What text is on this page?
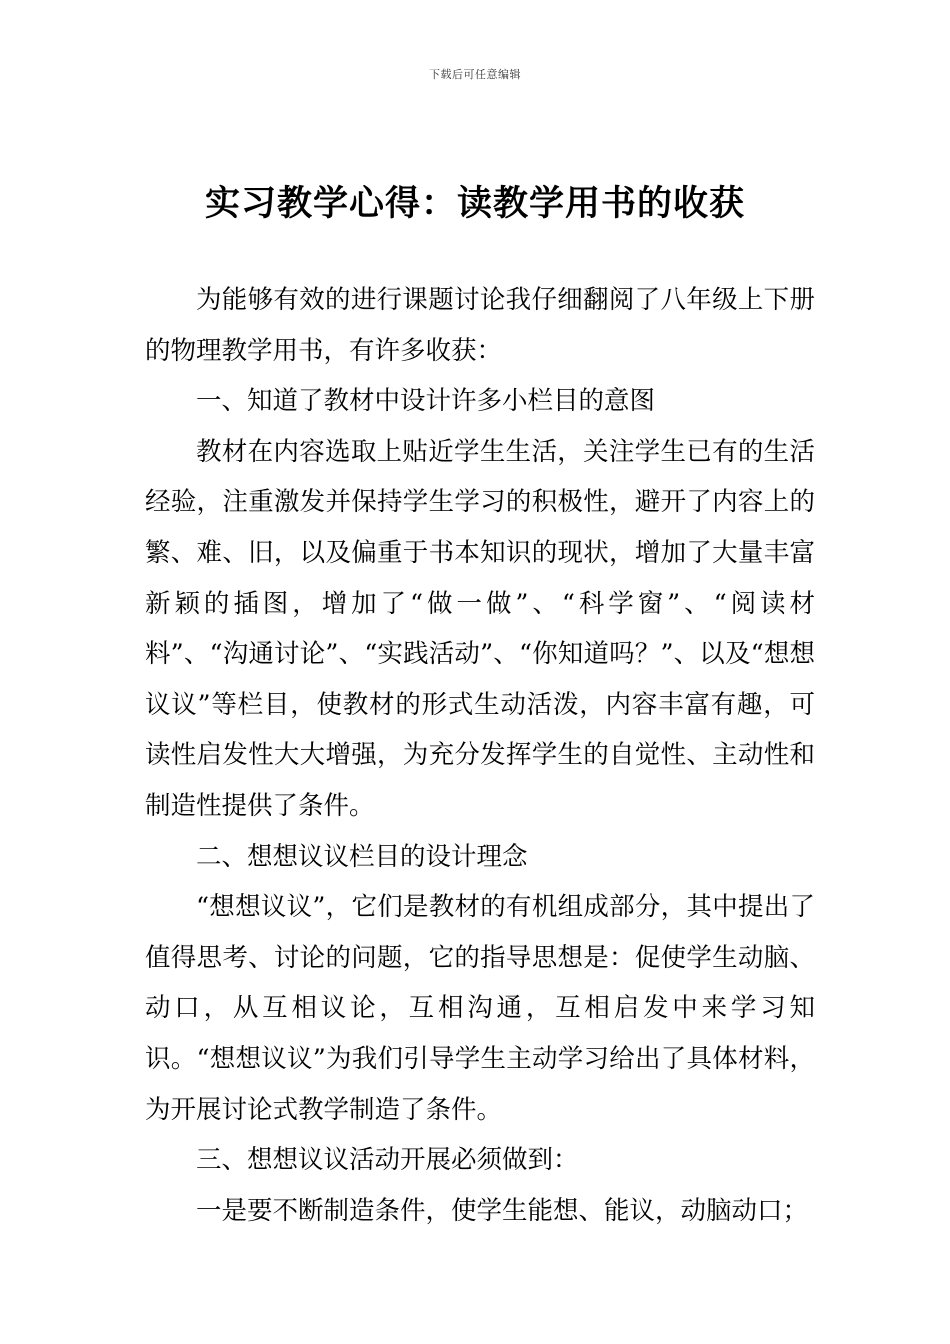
下载后可任意编辑
实习教学心得：读教学用书的收获

为能够有效的进行课题讨论我仔细翻阅了八年级上下册的物理教学用书，有许多收获：

一、知道了教材中设计许多小栏目的意图

教材在内容选取上贴近学生生活，关注学生已有的生活经验，注重激发并保持学生学习的积极性，避开了内容上的繁、难、旧，以及偏重于书本知识的现状，增加了大量丰富新颖的插图，增加了“做一做”、“科学窗”、“阅读材料”、“沟通讨论”、“实践活动”、“你知道吗？”、以及“想想议议”等栏目，使教材的形式生动活泼，内容丰富有趣，可读性启发性大大增强，为充分发挥学生的自觉性、主动性和制造性提供了条件。

二、想想议议栏目的设计理念

“想想议议”，它们是教材的有机组成部分，其中提出了值得思考、讨论的问题，它的指导思想是：促使学生动脑、动口，从互相议论，互相沟通，互相启发中来学习知识。“想想议议”为我们引导学生主动学习给出了具体材料，为开展讨论式教学制造了条件。

三、想想议议活动开展必须做到：

一是要不断制造条件，使学生能想、能议，动脑动口；
